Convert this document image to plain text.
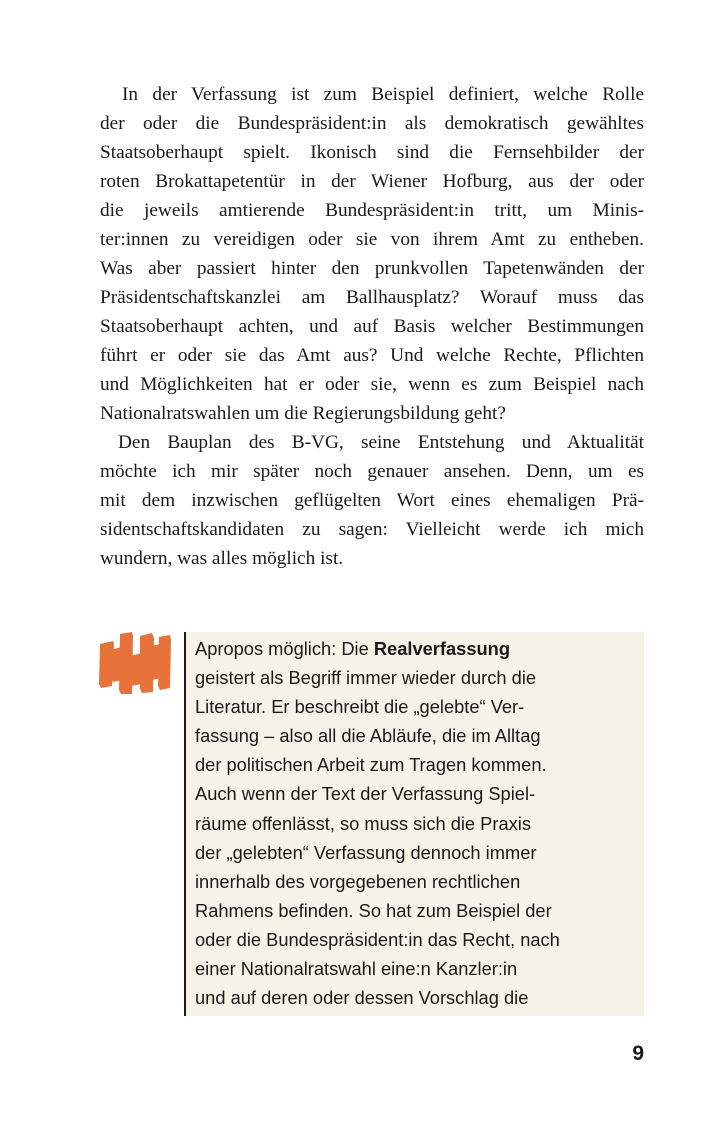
In der Verfassung ist zum Beispiel definiert, welche Rolle
der oder die Bundespräsident:in als demokratisch gewähltes
Staatsoberhaupt spielt. Ikonisch sind die Fernsehbilder der
roten Brokattapetentür in der Wiener Hofburg, aus der oder
die jeweils amtierende Bundespräsident:in tritt, um Minis-
ter:innen zu vereidigen oder sie von ihrem Amt zu entheben.
Was aber passiert hinter den prunkvollen Tapetenwänden der
Präsidentschaftskanzlei am Ballhausplatz? Worauf muss das
Staatsoberhaupt achten, und auf Basis welcher Bestimmungen
führt er oder sie das Amt aus? Und welche Rechte, Pflichten
und Möglichkeiten hat er oder sie, wenn es zum Beispiel nach
Nationalratswahlen um die Regierungsbildung geht?
Den Bauplan des B-VG, seine Entstehung und Aktualität
möchte ich mir später noch genauer ansehen. Denn, um es
mit dem inzwischen geflügelten Wort eines ehemaligen Prä-
sidentschaftskandidaten zu sagen: Vielleicht werde ich mich
wundern, was alles möglich ist.
Apropos möglich: Die Realverfassung
geistert als Begriff immer wieder durch die
Literatur. Er beschreibt die „gelebte“ Ver-
fassung – also all die Abläufe, die im Alltag
der politischen Arbeit zum Tragen kommen.
Auch wenn der Text der Verfassung Spiel-
räume offenlässt, so muss sich die Praxis
der „gelebten“ Verfassung dennoch immer
innerhalb des vorgegebenen rechtlichen
Rahmens befinden. So hat zum Beispiel der
oder die Bundespräsident:in das Recht, nach
einer Nationalratswahl eine:n Kanzler:in
und auf deren oder dessen Vorschlag die
9
